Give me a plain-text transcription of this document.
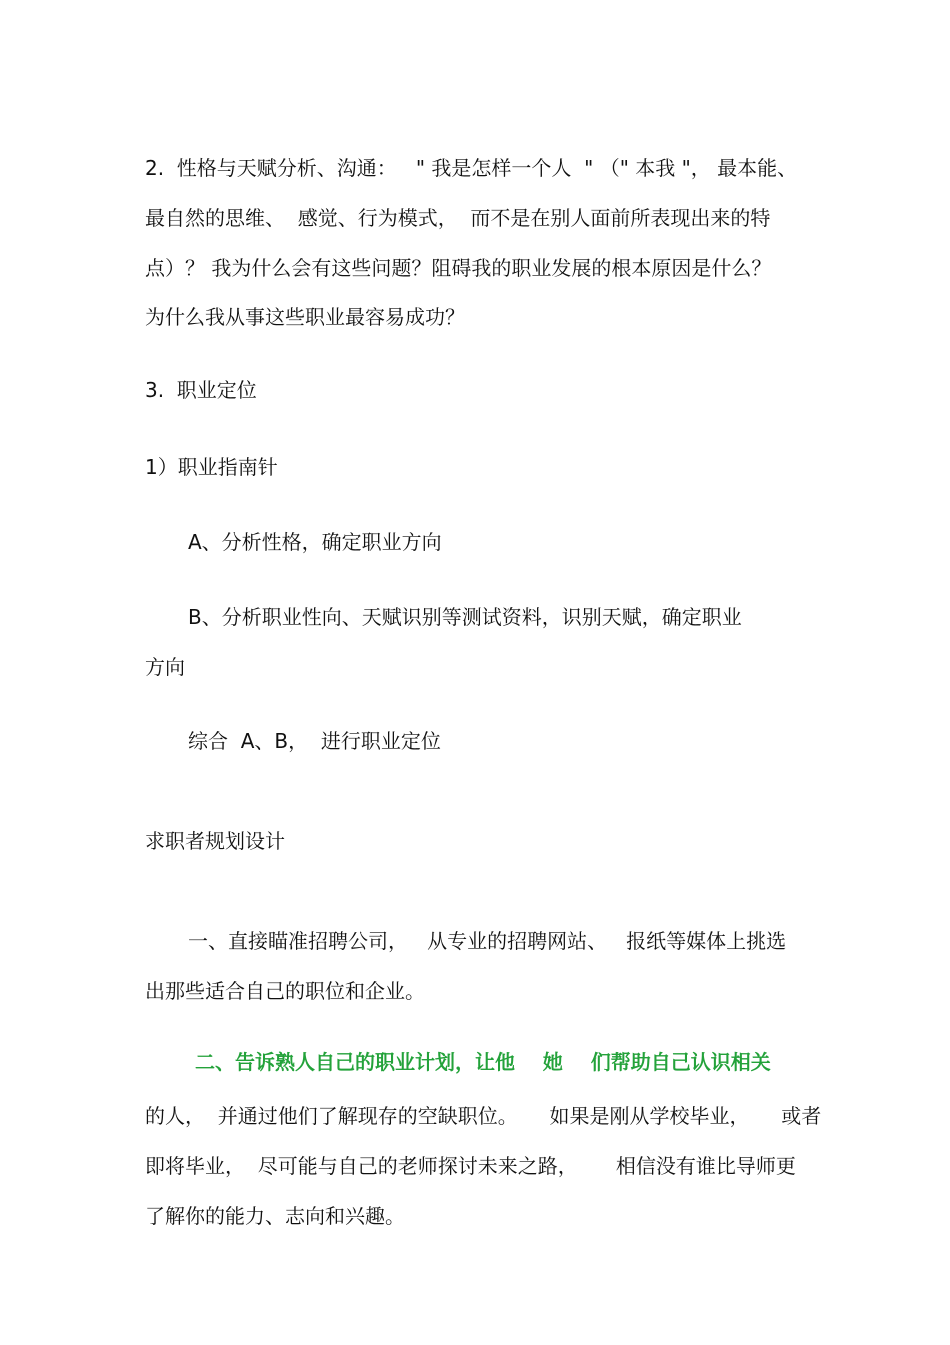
2.  性格与天赋分析、沟通：   " 我是怎样一个人  " （" 本我 "， 最本能、
最自然的思维、  感觉、行为模式，  而不是在别人面前所表现出来的特
点）？ 我为什么会有这些问题？阻碍我的职业发展的根本原因是什么？
为什么我从事这些职业最容易成功？
3.  职业定位
1）职业指南针
A、分析性格，确定职业方向
B、分析职业性向、天赋识别等测试资料，识别天赋，确定职业
方向
综合  A、B，  进行职业定位
求职者规划设计
一、直接瞄准招聘公司，   从专业的招聘网站、   报纸等媒体上挑选
出那些适合自己的职位和企业。
二、告诉熟人自己的职业计划，让他    她    们帮助自己认识相关
的人，  并通过他们了解现存的空缺职位。     如果是刚从学校毕业，     或者
即将毕业，  尽可能与自己的老师探讨未来之路，      相信没有谁比导师更
了解你的能力、志向和兴趣。
